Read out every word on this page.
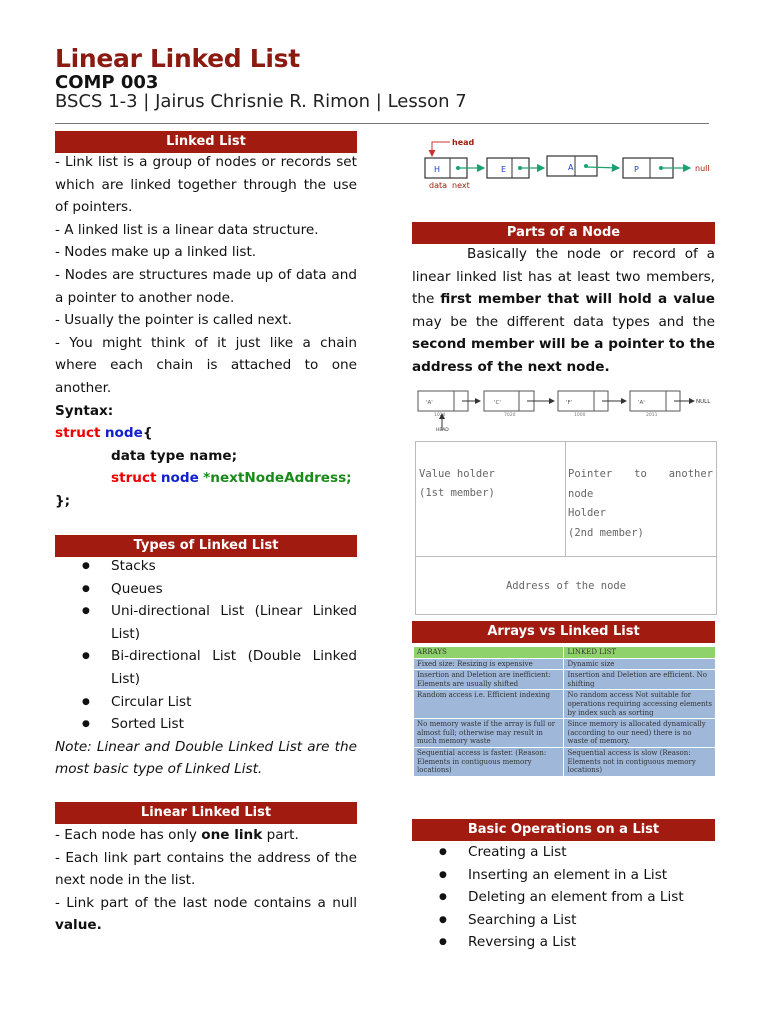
Linear Linked List
COMP 003
BSCS 1-3 | Jairus Chrisnie R. Rimon | Lesson 7
Linked List
- Link list is a group of nodes or records set which are linked together through the use of pointers.
- A linked list is a linear data structure.
- Nodes make up a linked list.
- Nodes are structures made up of data and a pointer to another node.
- Usually the pointer is called next.
- You might think of it just like a chain where each chain is attached to one another.
Syntax:
struct node{
data type name;
struct node *nextNodeAddress;
};
Types of Linked List
● Stacks
● Queues
● Uni-directional List (Linear Linked List)
● Bi-directional List (Double Linked List)
● Circular List
● Sorted List
Note: Linear and Double Linked List are the most basic type of Linked List.
Linear Linked List
- Each node has only one link part.
- Each link part contains the address of the next node in the list.
- Link part of the last node contains a null value.
head
H	E	A	P	null
data next
Parts of a Node
Basically the node or record of a linear linked list has at least two members, the first member that will hold a value may be the different data types and the second member will be a pointer to the address of the next node.
'A'
1024
'C'
7020
'F'
1000
'A'
2011
NULL
HEAD
Value holder
(1st member)
Pointer to another node
Holder
(2nd member)
Address of the node
Arrays vs Linked List
ARRAYS	LINKED LIST
Fixed size: Resizing is expensive	Dynamic size
Insertion and Deletion are inefficient: Elements are usually shifted	Insertion and Deletion are efficient. No shifting
Random access i.e. Efficient indexing	No random access Not suitable for operations requiring accessing elements by index such as sorting
No memory waste if the array is full or almost full; otherwise may result in much memory waste	Since memory is allocated dynamically (according to our need) there is no waste of memory.
Sequential access is faster. (Reason: Elements in contiguous memory locations)	Sequential access is slow (Reason: Elements not in contiguous memory locations)
Basic Operations on a List
● Creating a List
● Inserting an element in a List
● Deleting an element from a List
● Searching a List
● Reversing a List
